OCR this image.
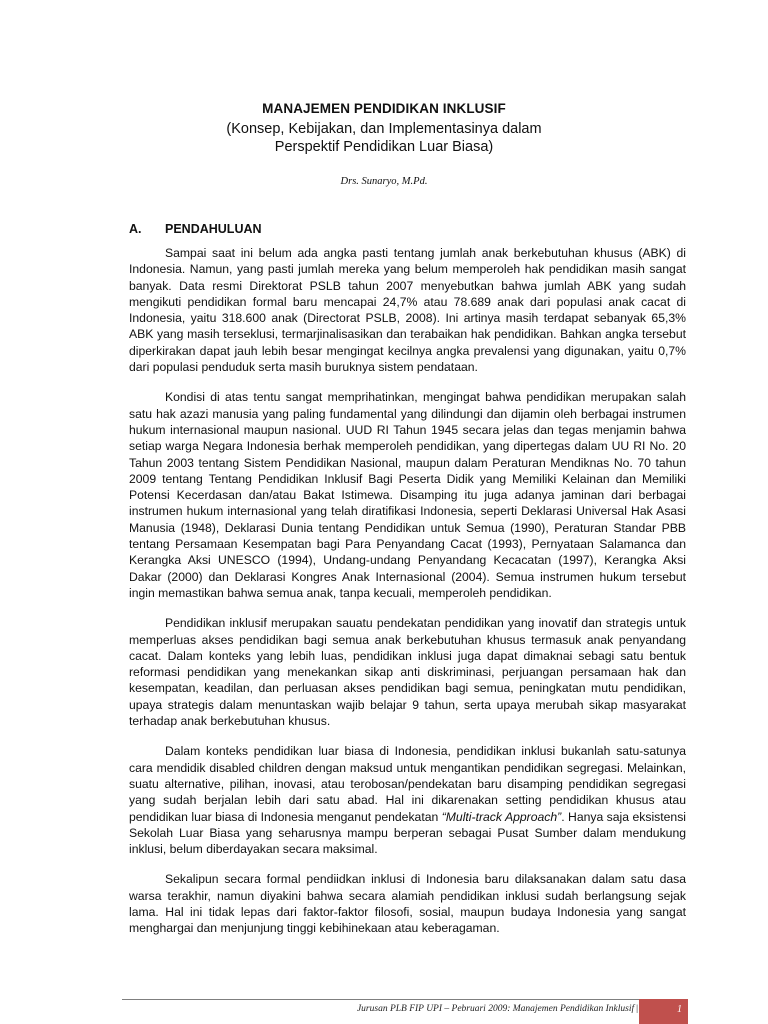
MANAJEMEN PENDIDIKAN INKLUSIF
(Konsep, Kebijakan, dan Implementasinya dalam
Perspektif Pendidikan Luar Biasa)
Drs. Sunaryo, M.Pd.
A. PENDAHULUAN

Sampai saat ini belum ada angka pasti tentang jumlah anak berkebutuhan khusus (ABK) di Indonesia. Namun, yang pasti jumlah mereka yang belum memperoleh hak pendidikan masih sangat banyak. Data resmi Direktorat PSLB tahun 2007 menyebutkan bahwa jumlah ABK yang sudah mengikuti pendidikan formal baru mencapai 24,7% atau 78.689 anak dari populasi anak cacat di Indonesia, yaitu 318.600 anak (Directorat PSLB, 2008). Ini artinya masih terdapat sebanyak 65,3% ABK yang masih terseklusi, termarjinalisasikan dan terabaikan hak pendidikan. Bahkan angka tersebut diperkirakan dapat jauh lebih besar mengingat kecilnya angka prevalensi yang digunakan, yaitu 0,7% dari populasi penduduk serta masih buruknya sistem pendataan.

Kondisi di atas tentu sangat memprihatinkan, mengingat bahwa pendidikan merupakan salah satu hak azazi manusia yang paling fundamental yang dilindungi dan dijamin oleh berbagai instrumen hukum internasional maupun nasional. UUD RI Tahun 1945 secara jelas dan tegas menjamin bahwa setiap warga Negara Indonesia berhak memperoleh pendidikan, yang dipertegas dalam UU RI No. 20 Tahun 2003 tentang Sistem Pendidikan Nasional, maupun dalam Peraturan Mendiknas No. 70 tahun 2009 tentang Tentang Pendidikan Inklusif Bagi Peserta Didik yang Memiliki Kelainan dan Memiliki Potensi Kecerdasan dan/atau Bakat Istimewa. Disamping itu juga adanya jaminan dari berbagai instrumen hukum internasional yang telah diratifikasi Indonesia, seperti Deklarasi Universal Hak Asasi Manusia (1948), Deklarasi Dunia tentang Pendidikan untuk Semua (1990), Peraturan Standar PBB tentang Persamaan Kesempatan bagi Para Penyandang Cacat (1993), Pernyataan Salamanca dan Kerangka Aksi UNESCO (1994), Undang-undang Penyandang Kecacatan (1997), Kerangka Aksi Dakar (2000) dan Deklarasi Kongres Anak Internasional (2004). Semua instrumen hukum tersebut ingin memastikan bahwa semua anak, tanpa kecuali, memperoleh pendidikan.

Pendidikan inklusif merupakan sauatu pendekatan pendidikan yang inovatif dan strategis untuk memperluas akses pendidikan bagi semua anak berkebutuhan khusus termasuk anak penyandang cacat. Dalam konteks yang lebih luas, pendidikan inklusi juga dapat dimaknai sebagi satu bentuk reformasi pendidikan yang menekankan sikap anti diskriminasi, perjuangan persamaan hak dan kesempatan, keadilan, dan perluasan akses pendidikan bagi semua, peningkatan mutu pendidikan, upaya strategis dalam menuntaskan wajib belajar 9 tahun, serta upaya merubah sikap masyarakat terhadap anak berkebutuhan khusus.

Dalam konteks pendidikan luar biasa di Indonesia, pendidikan inklusi bukanlah satu-satunya cara mendidik disabled children dengan maksud untuk mengantikan pendidikan segregasi. Melainkan, suatu alternative, pilihan, inovasi, atau terobosan/pendekatan baru disamping pendidikan segregasi yang sudah berjalan lebih dari satu abad. Hal ini dikarenakan setting pendidikan khusus atau pendidikan luar biasa di Indonesia menganut pendekatan “Multi-track Approach”. Hanya saja eksistensi Sekolah Luar Biasa yang seharusnya mampu berperan sebagai Pusat Sumber dalam mendukung inklusi, belum diberdayakan secara maksimal.

Sekalipun secara formal pendiidkan inklusi di Indonesia baru dilaksanakan dalam satu dasa warsa terakhir, namun diyakini bahwa secara alamiah pendidikan inklusi sudah berlangsung sejak lama. Hal ini tidak lepas dari faktor-faktor filosofi, sosial, maupun budaya Indonesia yang sangat menghargai dan menjunjung tinggi kebihinekaan atau keberagaman.

Jurusan PLB FIP UPI – Pebruari 2009: Manajemen Pendidikan Inklusif |	1
